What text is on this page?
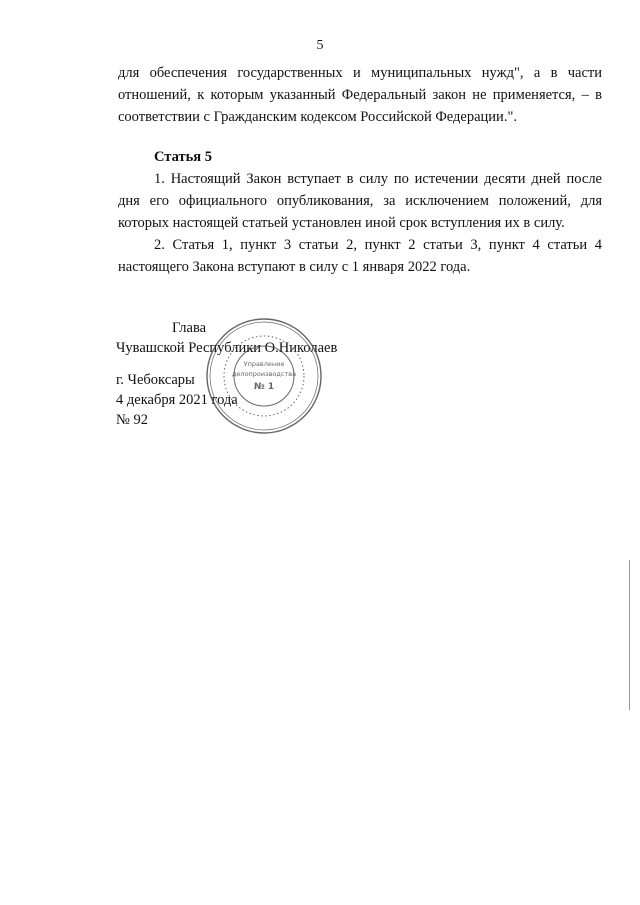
5

для обеспечения государственных и муниципальных нужд", а в части отношений, к которым указанный Федеральный закон не применяется, – в соответствии с Гражданским кодексом Российской Федерации.".

Статья 5

1. Настоящий Закон вступает в силу по истечении десяти дней после дня его официального опубликования, за исключением положений, для которых настоящей статьей установлен иной срок вступления их в силу.

2. Статья 1, пункт 3 статьи 2, пункт 2 статьи 3, пункт 4 статьи 4 настоящего Закона вступают в силу с 1 января 2022 года.

Глава
Чувашской Республики О.Николаев
г. Чебоксары
4 декабря 2021 года
№ 92
Управление
делопроизводства
№ 1
